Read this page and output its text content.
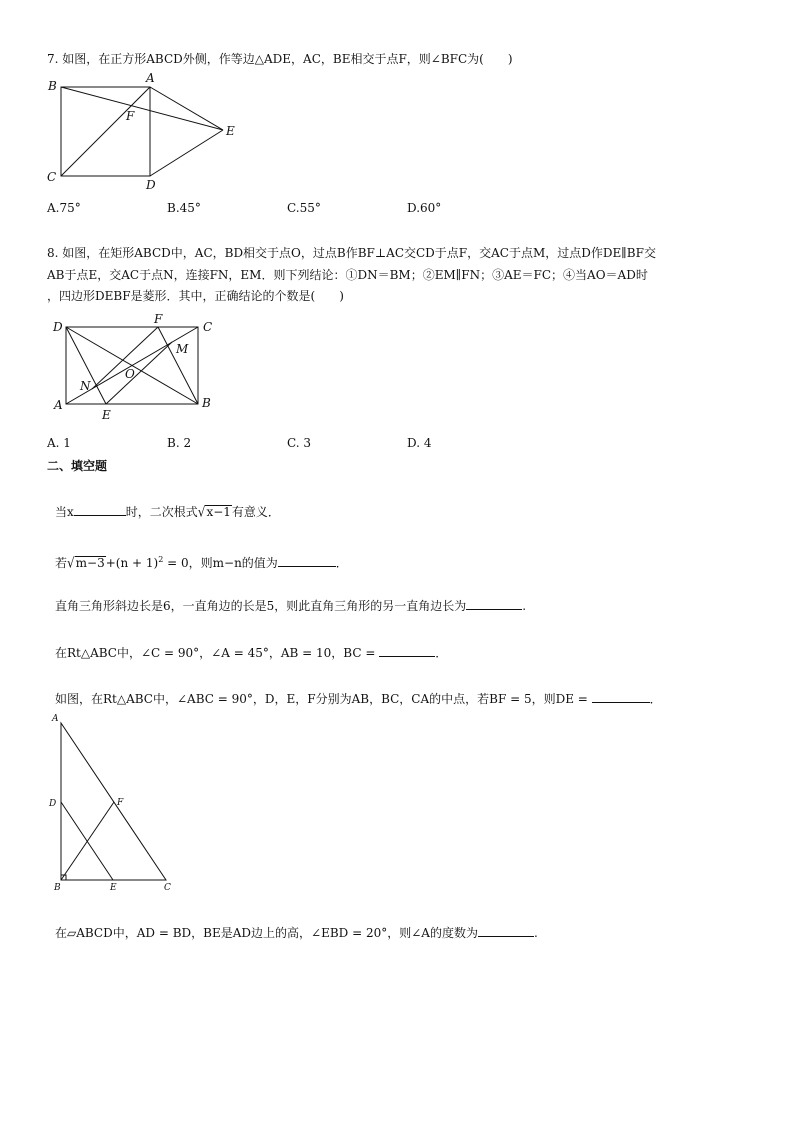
7. 如图，在正方形ABCD外侧，作等边△ADE，AC，BE相交于点F，则∠BFC为(　　)
A
B
C
D
E
F
A.75°	B.45°	C.55°	D.60°
8. 如图，在矩形ABCD中，AC，BD相交于点O，过点B作BF⊥AC交CD于点F，交AC于点M，过点D作DE∥BF交
AB于点E，交AC于点N，连接FN，EM．则下列结论：①DN＝BM；②EM∥FN；③AE＝FC；④当AO＝AD时
，四边形DEBF是菱形．其中，正确结论的个数是(　　)
D
F
C
M
O
N
A
E
B
A. 1	B. 2	C. 3	D. 4
二、填空题
当x	时，二次根式√x−1有意义．
若$√m-3+(n + 1)^2 = 0$，则m−n的值为	．
直角三角形斜边长是6，一直角边的长是5，则此直角三角形的另一直角边长为	.
在Rt△ABC中，∠C = 90°，∠A = 45°，AB = 10，BC =	．
如图，在Rt△ABC中，∠ABC = 90°，D，E，F分别为AB，BC，CA的中点，若BF = 5，则DE =	．
A
D	F
B	E	C
在▱ABCD中，AD = BD，BE是AD边上的高，∠EBD = 20°，则∠A的度数为	.
